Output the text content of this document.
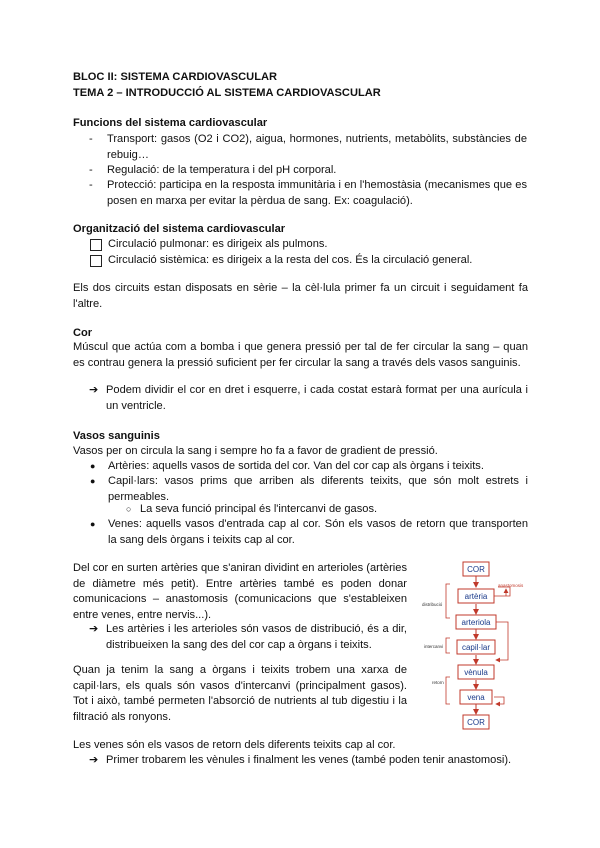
BLOC II: SISTEMA CARDIOVASCULAR
TEMA 2 – INTRODUCCIÓ AL SISTEMA CARDIOVASCULAR
Funcions del sistema cardiovascular
-	Transport: gasos (O2 i CO2), aigua, hormones, nutrients, metabòlits, substàncies de
rebuig…
-	Regulació: de la temperatura i del pH corporal.
-	Protecció: participa en la resposta immunitària i en l'hemostàsia (mecanismes que es
posen en marxa per evitar la pèrdua de sang. Ex: coagulació).
Organització del sistema cardiovascular
Circulació pulmonar: es dirigeix als pulmons.
Circulació sistèmica: es dirigeix a la resta del cos. És la circulació general.
Els dos circuits estan disposats en sèrie – la cèl·lula primer fa un circuit i seguidament fa
l'altre.
Cor
Múscul que actúa com a bomba i que genera pressió per tal de fer circular la sang – quan
es contrau genera la pressió suficient per fer circular la sang a través dels vasos sanguinis.
➔ Podem dividir el cor en dret i esquerre, i cada costat estarà format per una aurícula i
un ventricle.
Vasos sanguinis
Vasos per on circula la sang i sempre ho fa a favor de gradient de pressió.
●	Artèries: aquells vasos de sortida del cor. Van del cor cap als òrgans i teixits.
●	Capil·lars: vasos prims que arriben als diferents teixits, que són molt estrets i
permeables.
○ La seva funció principal és l'intercanvi de gasos.
●	Venes: aquells vasos d'entrada cap al cor. Són els vasos de retorn que transporten
la sang dels òrgans i teixits cap al cor.
Del cor en surten artèries que s'aniran dividint en arterioles (artèries
de diàmetre més petit). Entre artèries també es poden donar
comunicacions – anastomosis (comunicacions que s'estableixen
entre venes, entre nervis...).
➔ Les artèries i les arterioles són vasos de distribució, és a dir,
distribueixen la sang des del cor cap a òrgans i teixits.
Quan ja tenim la sang a òrgans i teixits trobem una xarxa de
capil·lars, els quals són vasos d'intercanvi (principalment gasos).
Tot i això, també permeten l'absorció de nutrients al tub digestiu i la
filtració als ronyons.
Les venes són els vasos de retorn dels diferents teixits cap al cor.
➔ Primer trobarem les vènules i finalment les venes (també poden tenir anastomosi).
COR
artèria
arteriola
capil·lar
vènula
vena
COR
anastomosis
distribució
intercanvi
retorn
